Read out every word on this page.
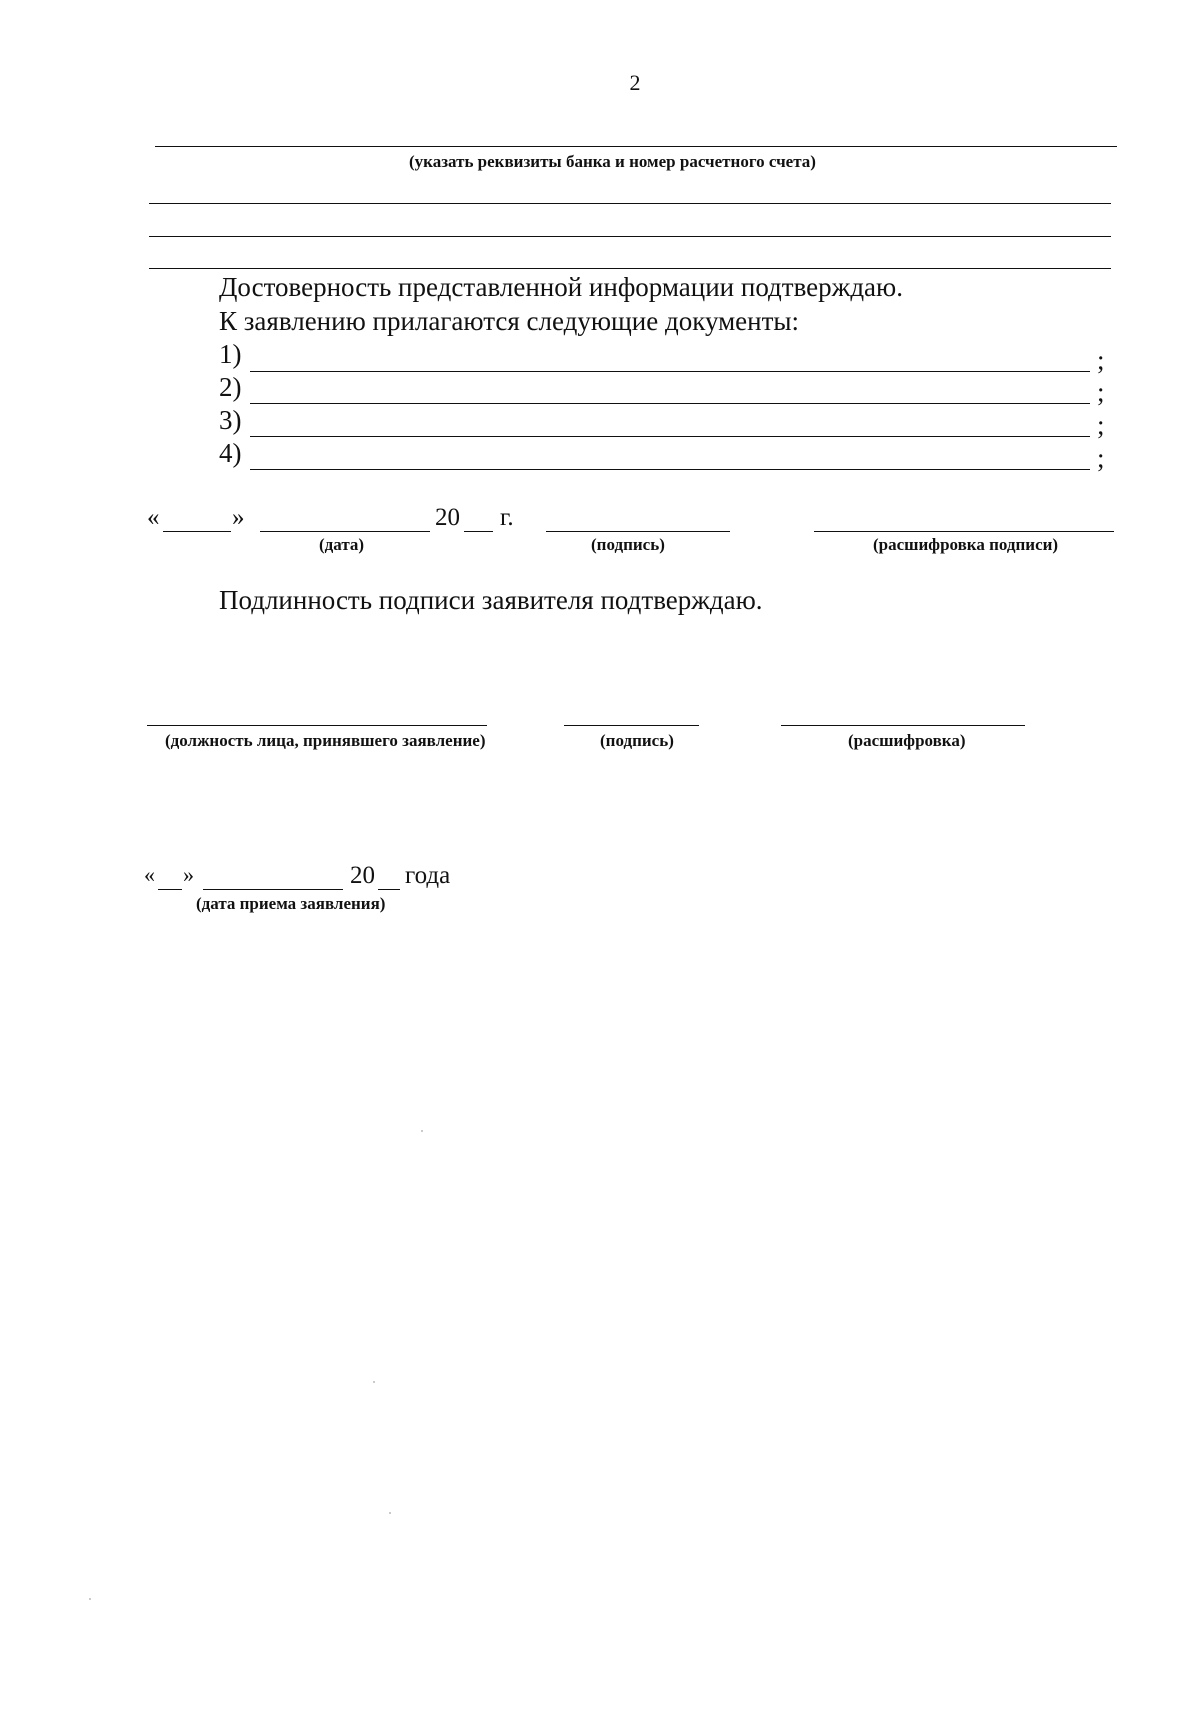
2
(указать реквизиты банка и номер расчетного счета)
Достоверность представленной информации подтверждаю.
К заявлению прилагаются следующие документы:
1)	;
2)	;
3)	;
4)	;
«	»	20 г.
(дата)	(подпись)	(расшифровка подписи)
Подлинность подписи заявителя подтверждаю.
(должность лица, принявшего заявление)	(подпись)	(расшифровка)
« »	20 года
(дата приема заявления)
